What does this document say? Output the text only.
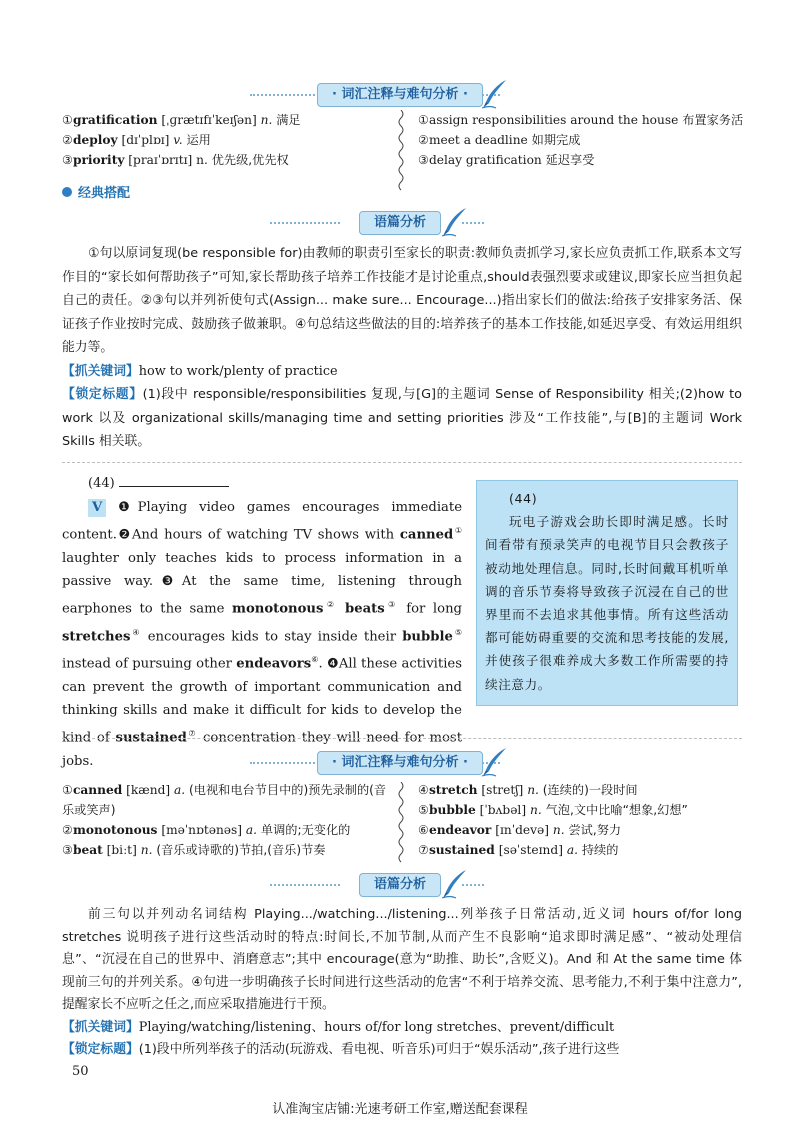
· 词汇注释与难句分析 ·
①gratification [ˌɡrætɪfɪˈkeɪʃən] n. 满足
②deploy [dɪˈplɒɪ] v. 运用
③priority [praɪˈɒrɪtɪ] n. 优先级,优先权
①assign responsibilities around the house 布置家务活
②meet a deadline 如期完成
③delay gratification 延迟享受
经典搭配
语篇分析
①句以原词复现(be responsible for)由教师的职责引至家长的职责:教师负责抓学习,家长应负责抓工作,联系本文写作目的“家长如何帮助孩子”可知,家长帮助孩子培养工作技能才是讨论重点,should表强烈要求或建议,即家长应当担负起自己的责任。②③句以并列祈使句式(Assign... make sure... Encourage...)指出家长们的做法:给孩子安排家务活、保证孩子作业按时完成、鼓励孩子做兼职。④句总结这些做法的目的:培养孩子的基本工作技能,如延迟享受、有效运用组织能力等。
【抓关键词】how to work/plenty of practice
【锁定标题】(1)段中 responsible/responsibilities 复现,与[G]的主题词 Sense of Responsibility 相关;(2)how to work 以及 organizational skills/managing time and setting priorities 涉及“工作技能”,与[B]的主题词 Work Skills 相关联。
(44)
V ❶Playing video games encourages immediate content.❷And hours of watching TV shows with canned① laughter only teaches kids to process information in a passive way.❸At the same time, listening through earphones to the same monotonous② beats③ for long stretches④ encourages kids to stay inside their bubble⑤ instead of pursuing other endeavors⑥. ❹All these activities can prevent the growth of important communication and thinking skills and make it difficult for kids to develop the kind of sustained⑦ concentration they will need for most jobs.
(44)
玩电子游戏会助长即时满足感。长时间看带有预录笑声的电视节目只会教孩子被动地处理信息。同时,长时间戴耳机听单调的音乐节奏将导致孩子沉浸在自己的世界里而不去追求其他事情。所有这些活动都可能妨碍重要的交流和思考技能的发展,并使孩子很难养成大多数工作所需要的持续注意力。
· 词汇注释与难句分析 ·
①canned [kænd] a. (电视和电台节目中的)预先录制的(音乐或笑声)
②monotonous [məˈnɒtənəs] a. 单调的;无变化的
③beat [biːt] n. (音乐或诗歌的)节拍,(音乐)节奏
④stretch [stretʃ] n. (连续的)一段时间
⑤bubble [ˈbʌbəl] n. 气泡,文中比喻“想象,幻想”
⑥endeavor [ɪnˈdevə] n. 尝试,努力
⑦sustained [səˈsteɪnd] a. 持续的
语篇分析
前三句以并列动名词结构 Playing.../watching.../listening...列举孩子日常活动,近义词 hours of/for long stretches 说明孩子进行这些活动时的特点:时间长,不加节制,从而产生不良影响“追求即时满足感”、“被动处理信息”、“沉浸在自己的世界中、消磨意志”;其中 encourage(意为“助推、助长”,含贬义)。And 和 At the same time 体现前三句的并列关系。④句进一步明确孩子长时间进行这些活动的危害“不利于培养交流、思考能力,不利于集中注意力”,提醒家长不应听之任之,而应采取措施进行干预。
【抓关键词】Playing/watching/listening、hours of/for long stretches、prevent/difficult
【锁定标题】(1)段中所列举孩子的活动(玩游戏、看电视、听音乐)可归于“娱乐活动”,孩子进行这些
50
认准淘宝店铺:光速考研工作室,赠送配套课程
